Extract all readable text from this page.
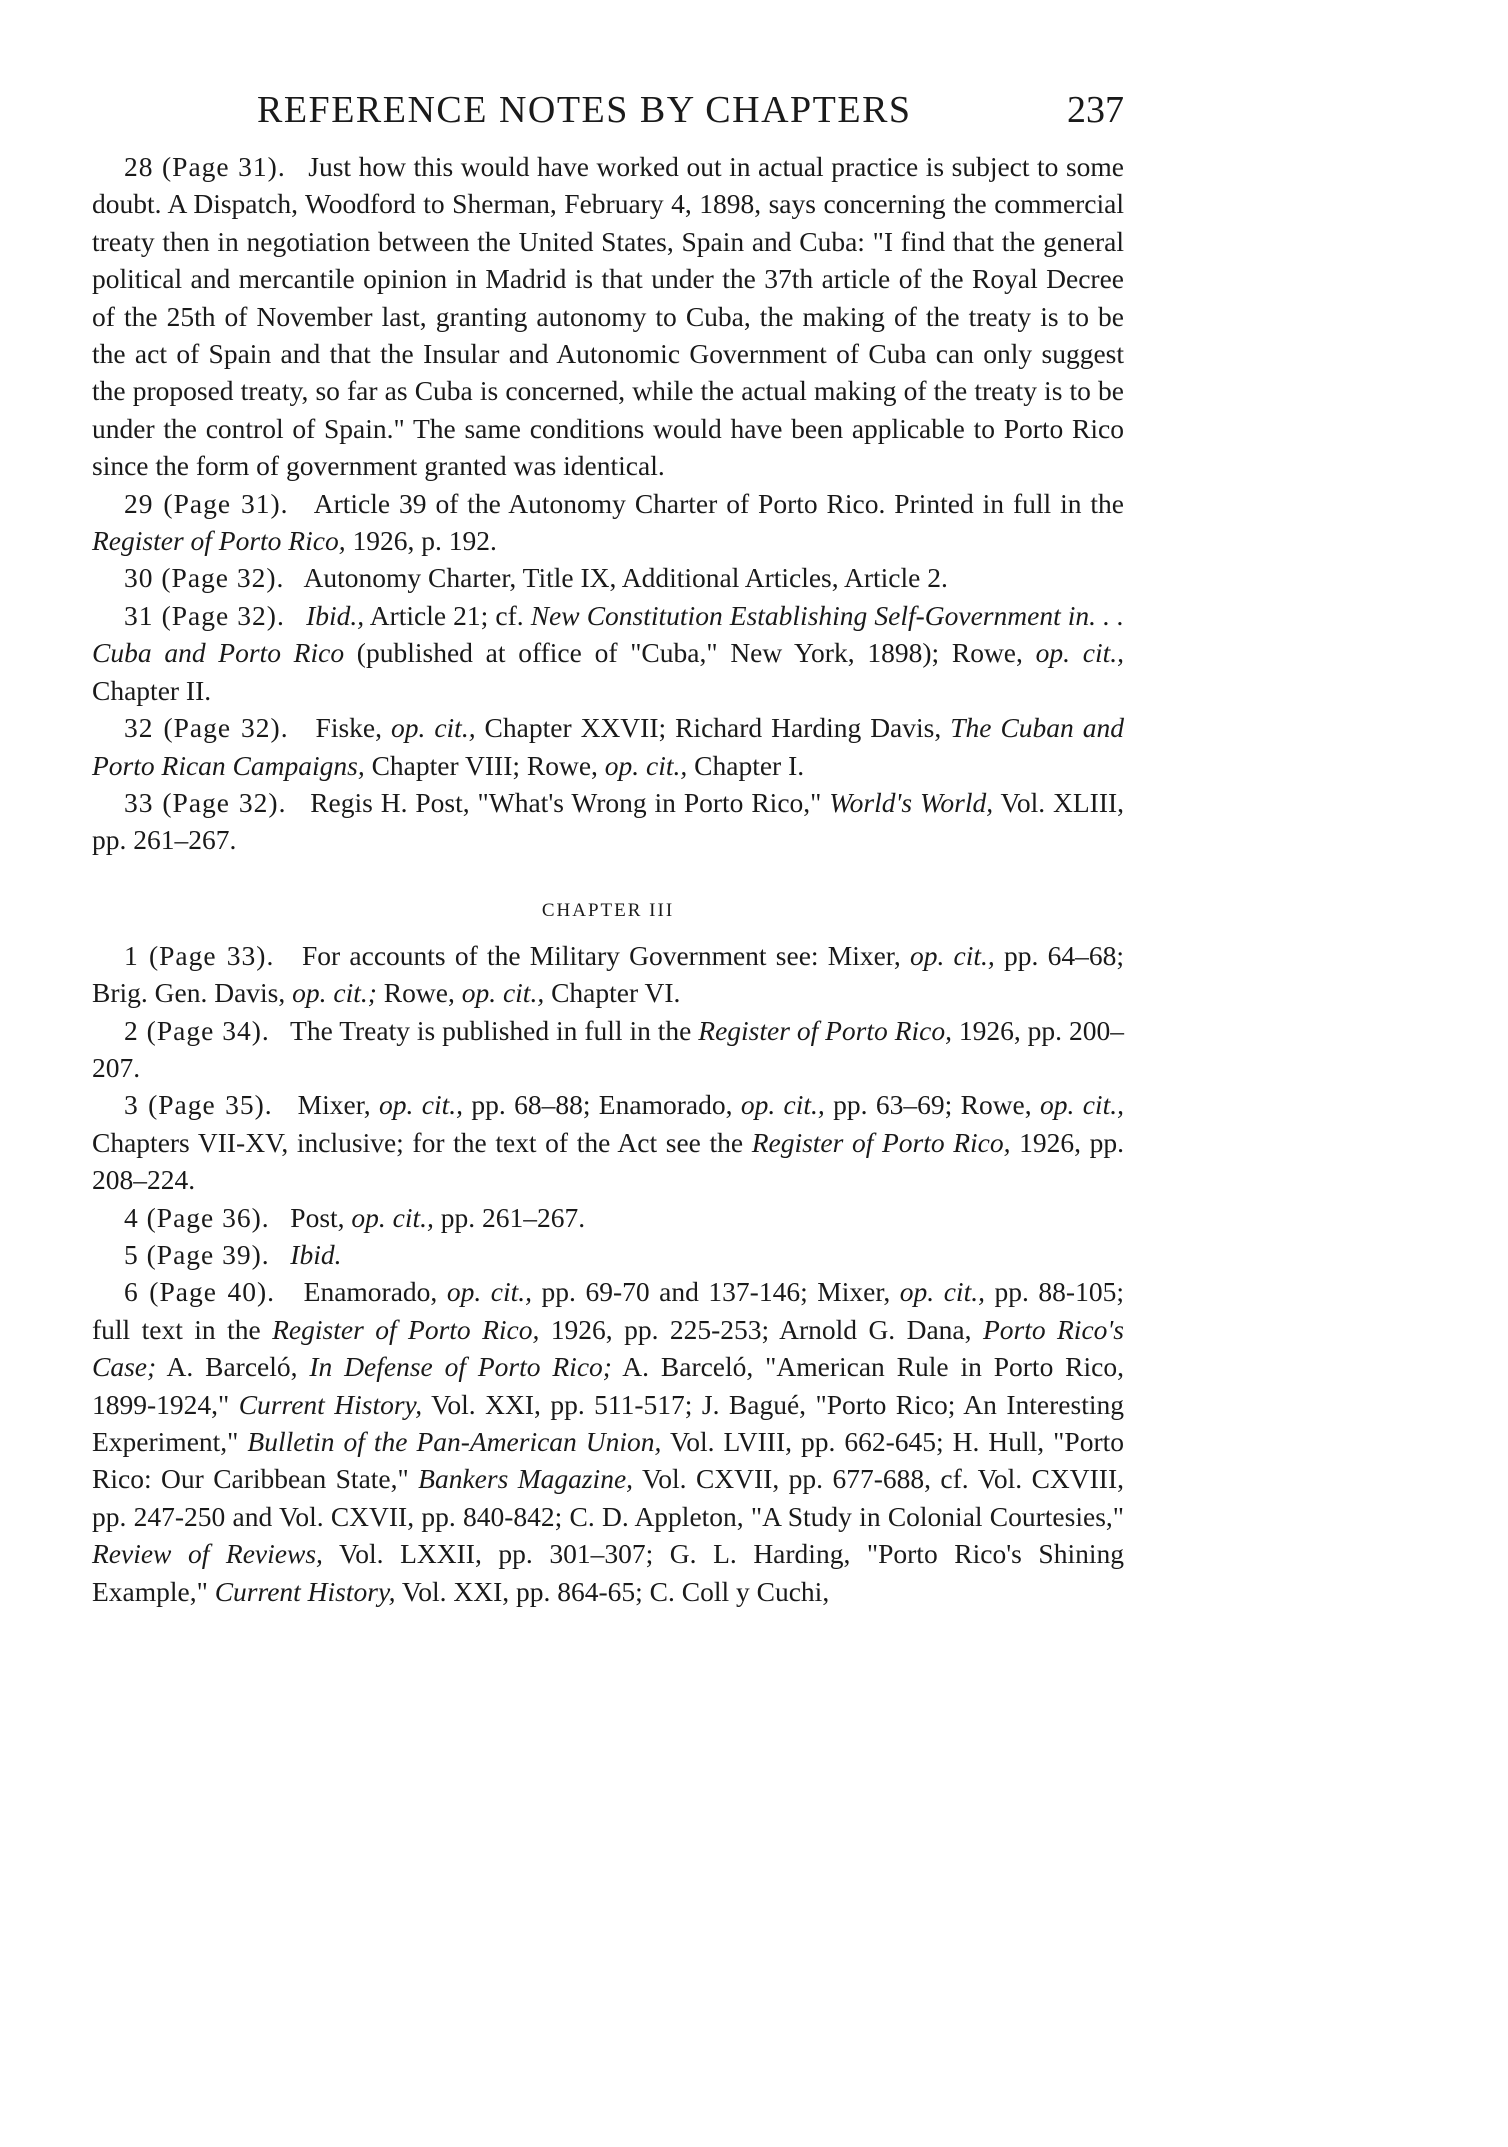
REFERENCE NOTES BY CHAPTERS	237

28 (Page 31). Just how this would have worked out in actual practice is subject to some doubt. A Dispatch, Woodford to Sherman, February 4, 1898, says concerning the commercial treaty then in negotiation between the United States, Spain and Cuba: "I find that the general political and mercantile opinion in Madrid is that under the 37th article of the Royal Decree of the 25th of November last, granting autonomy to Cuba, the making of the treaty is to be the act of Spain and that the Insular and Autonomic Government of Cuba can only suggest the proposed treaty, so far as Cuba is concerned, while the actual making of the treaty is to be under the control of Spain." The same conditions would have been applicable to Porto Rico since the form of government granted was identical.

29 (Page 31). Article 39 of the Autonomy Charter of Porto Rico. Printed in full in the Register of Porto Rico, 1926, p. 192.

30 (Page 32). Autonomy Charter, Title IX, Additional Articles, Article 2.

31 (Page 32). Ibid., Article 21; cf. New Constitution Establishing Self-Government in. . . Cuba and Porto Rico (published at office of "Cuba," New York, 1898); Rowe, op. cit., Chapter II.

32 (Page 32). Fiske, op. cit., Chapter XXVII; Richard Harding Davis, The Cuban and Porto Rican Campaigns, Chapter VIII; Rowe, op. cit., Chapter I.

33 (Page 32). Regis H. Post, "What's Wrong in Porto Rico," World's World, Vol. XLIII, pp. 261–267.

CHAPTER III

1 (Page 33). For accounts of the Military Government see: Mixer, op. cit., pp. 64–68; Brig. Gen. Davis, op. cit.; Rowe, op. cit., Chapter VI.

2 (Page 34). The Treaty is published in full in the Register of Porto Rico, 1926, pp. 200–207.

3 (Page 35). Mixer, op. cit., pp. 68–88; Enamorado, op. cit., pp. 63–69; Rowe, op. cit., Chapters VII-XV, inclusive; for the text of the Act see the Register of Porto Rico, 1926, pp. 208–224.

4 (Page 36). Post, op. cit., pp. 261–267.

5 (Page 39). Ibid.

6 (Page 40). Enamorado, op. cit., pp. 69-70 and 137-146; Mixer, op. cit., pp. 88-105; full text in the Register of Porto Rico, 1926, pp. 225-253; Arnold G. Dana, Porto Rico's Case; A. Barceló, In Defense of Porto Rico; A. Barceló, "American Rule in Porto Rico, 1899-1924," Current History, Vol. XXI, pp. 511-517; J. Bagué, "Porto Rico; An Interesting Experiment," Bulletin of the Pan-American Union, Vol. LVIII, pp. 662-645; H. Hull, "Porto Rico: Our Caribbean State," Bankers Magazine, Vol. CXVII, pp. 677-688, cf. Vol. CXVIII, pp. 247-250 and Vol. CXVII, pp. 840-842; C. D. Appleton, "A Study in Colonial Courtesies," Review of Reviews, Vol. LXXII, pp. 301–307; G. L. Harding, "Porto Rico's Shining Example," Current History, Vol. XXI, pp. 864-65; C. Coll y Cuchi,
